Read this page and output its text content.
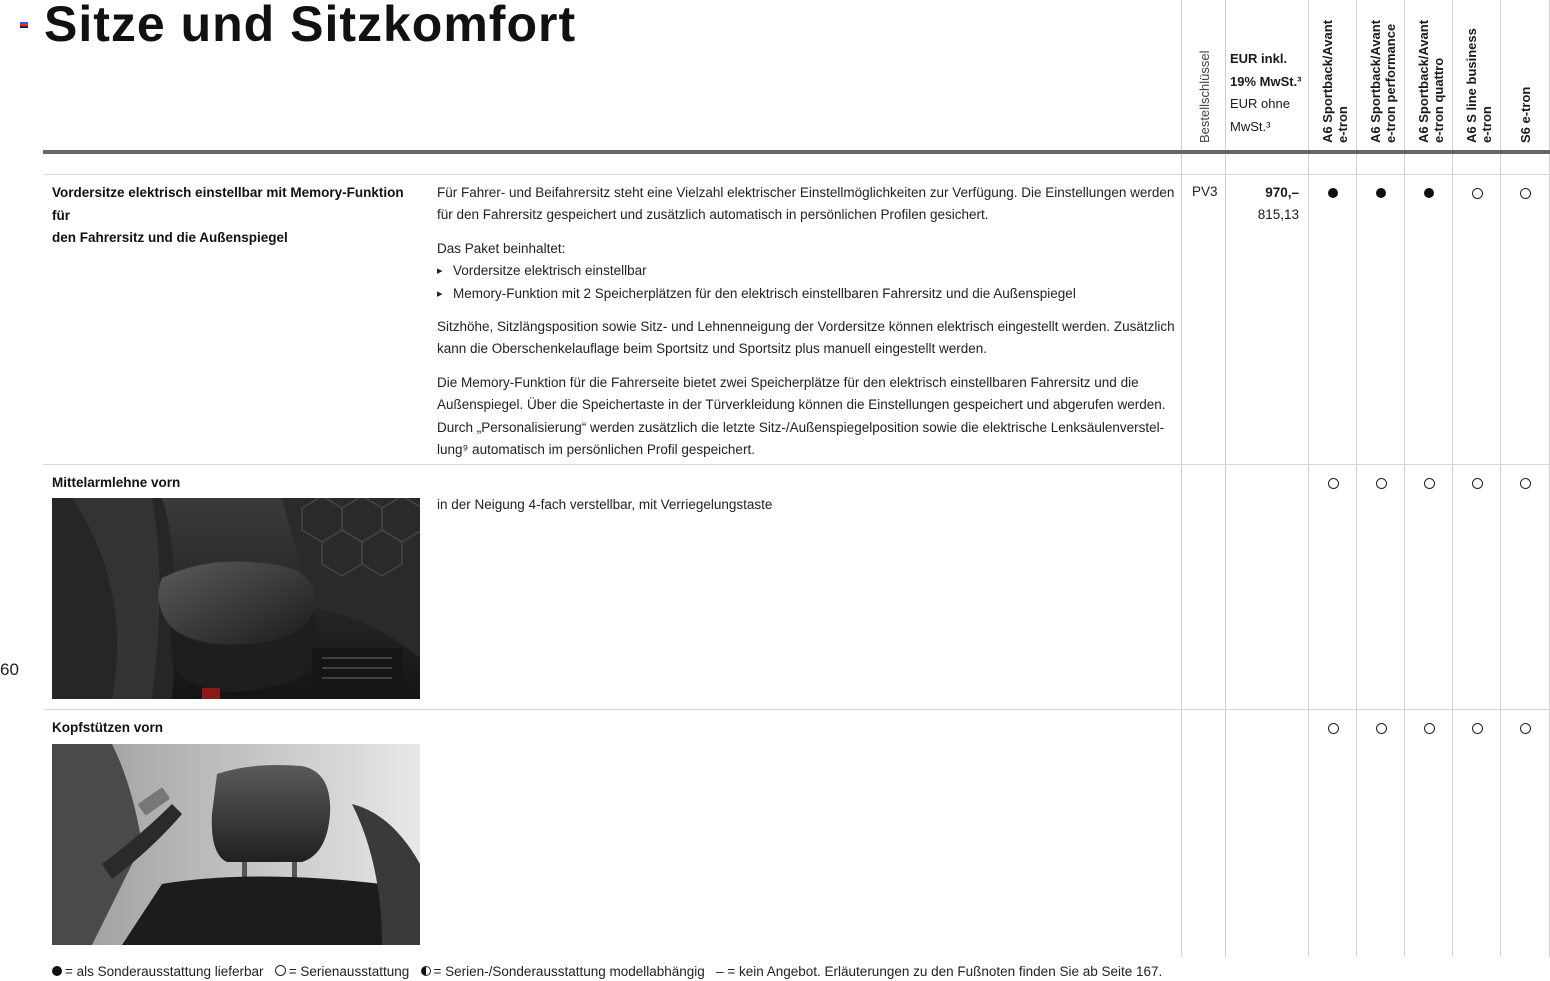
Sitze und Sitzkomfort
60
Bestellschlüssel EUR inkl.
19% MwSt.³
EUR ohne
MwSt.³	A6 Sportback/Avant e-tron A6 Sportback/Avant e-tron performance A6 Sportback/Avant e-tron quattro A6 S line business e-tron S6 e-tron
Vordersitze elektrisch einstellbar mit Memory-Funktion für
den Fahrersitz und die Außenspiegel

Für Fahrer- und Beifahrersitz steht eine Vielzahl elektrischer Einstellmöglichkeiten zur Verfügung. Die Einstellungen werden für den Fahrersitz gespeichert und zusätzlich automatisch in persönlichen Profilen gesichert.

Das Paket beinhaltet:

▸ Vordersitze elektrisch einstellbar
▸ Memory-Funktion mit 2 Speicherplätzen für den elektrisch einstellbaren Fahrersitz und die Außenspiegel

Sitzhöhe, Sitzlängsposition sowie Sitz- und Lehnenneigung der Vordersitze können elektrisch eingestellt werden. Zusätzlich kann die Oberschenkelauflage beim Sportsitz und Sportsitz plus manuell eingestellt werden.

Die Memory-Funktion für die Fahrerseite bietet zwei Speicherplätze für den elektrisch einstellbaren Fahrersitz und die Außenspiegel. Über die Speichertaste in der Türverkleidung können die Einstellungen gespeichert und abgerufen werden. Durch „Personalisierung“ werden zusätzlich die letzte Sitz-/Außenspiegelposition sowie die elektrische Lenksäulenverstel-lung⁹ automatisch im persönlichen Profil gespeichert.

PV3	970,–
815,13
Mittelarmlehne vorn
in der Neigung 4-fach verstellbar, mit Verriegelungstaste
Kopfstützen vorn
= als Sonderausstattung lieferbar = Serienausstattung = Serien-/Sonderausstattung modellabhängig – = kein Angebot. Erläuterungen zu den Fußnoten finden Sie ab Seite 167.
